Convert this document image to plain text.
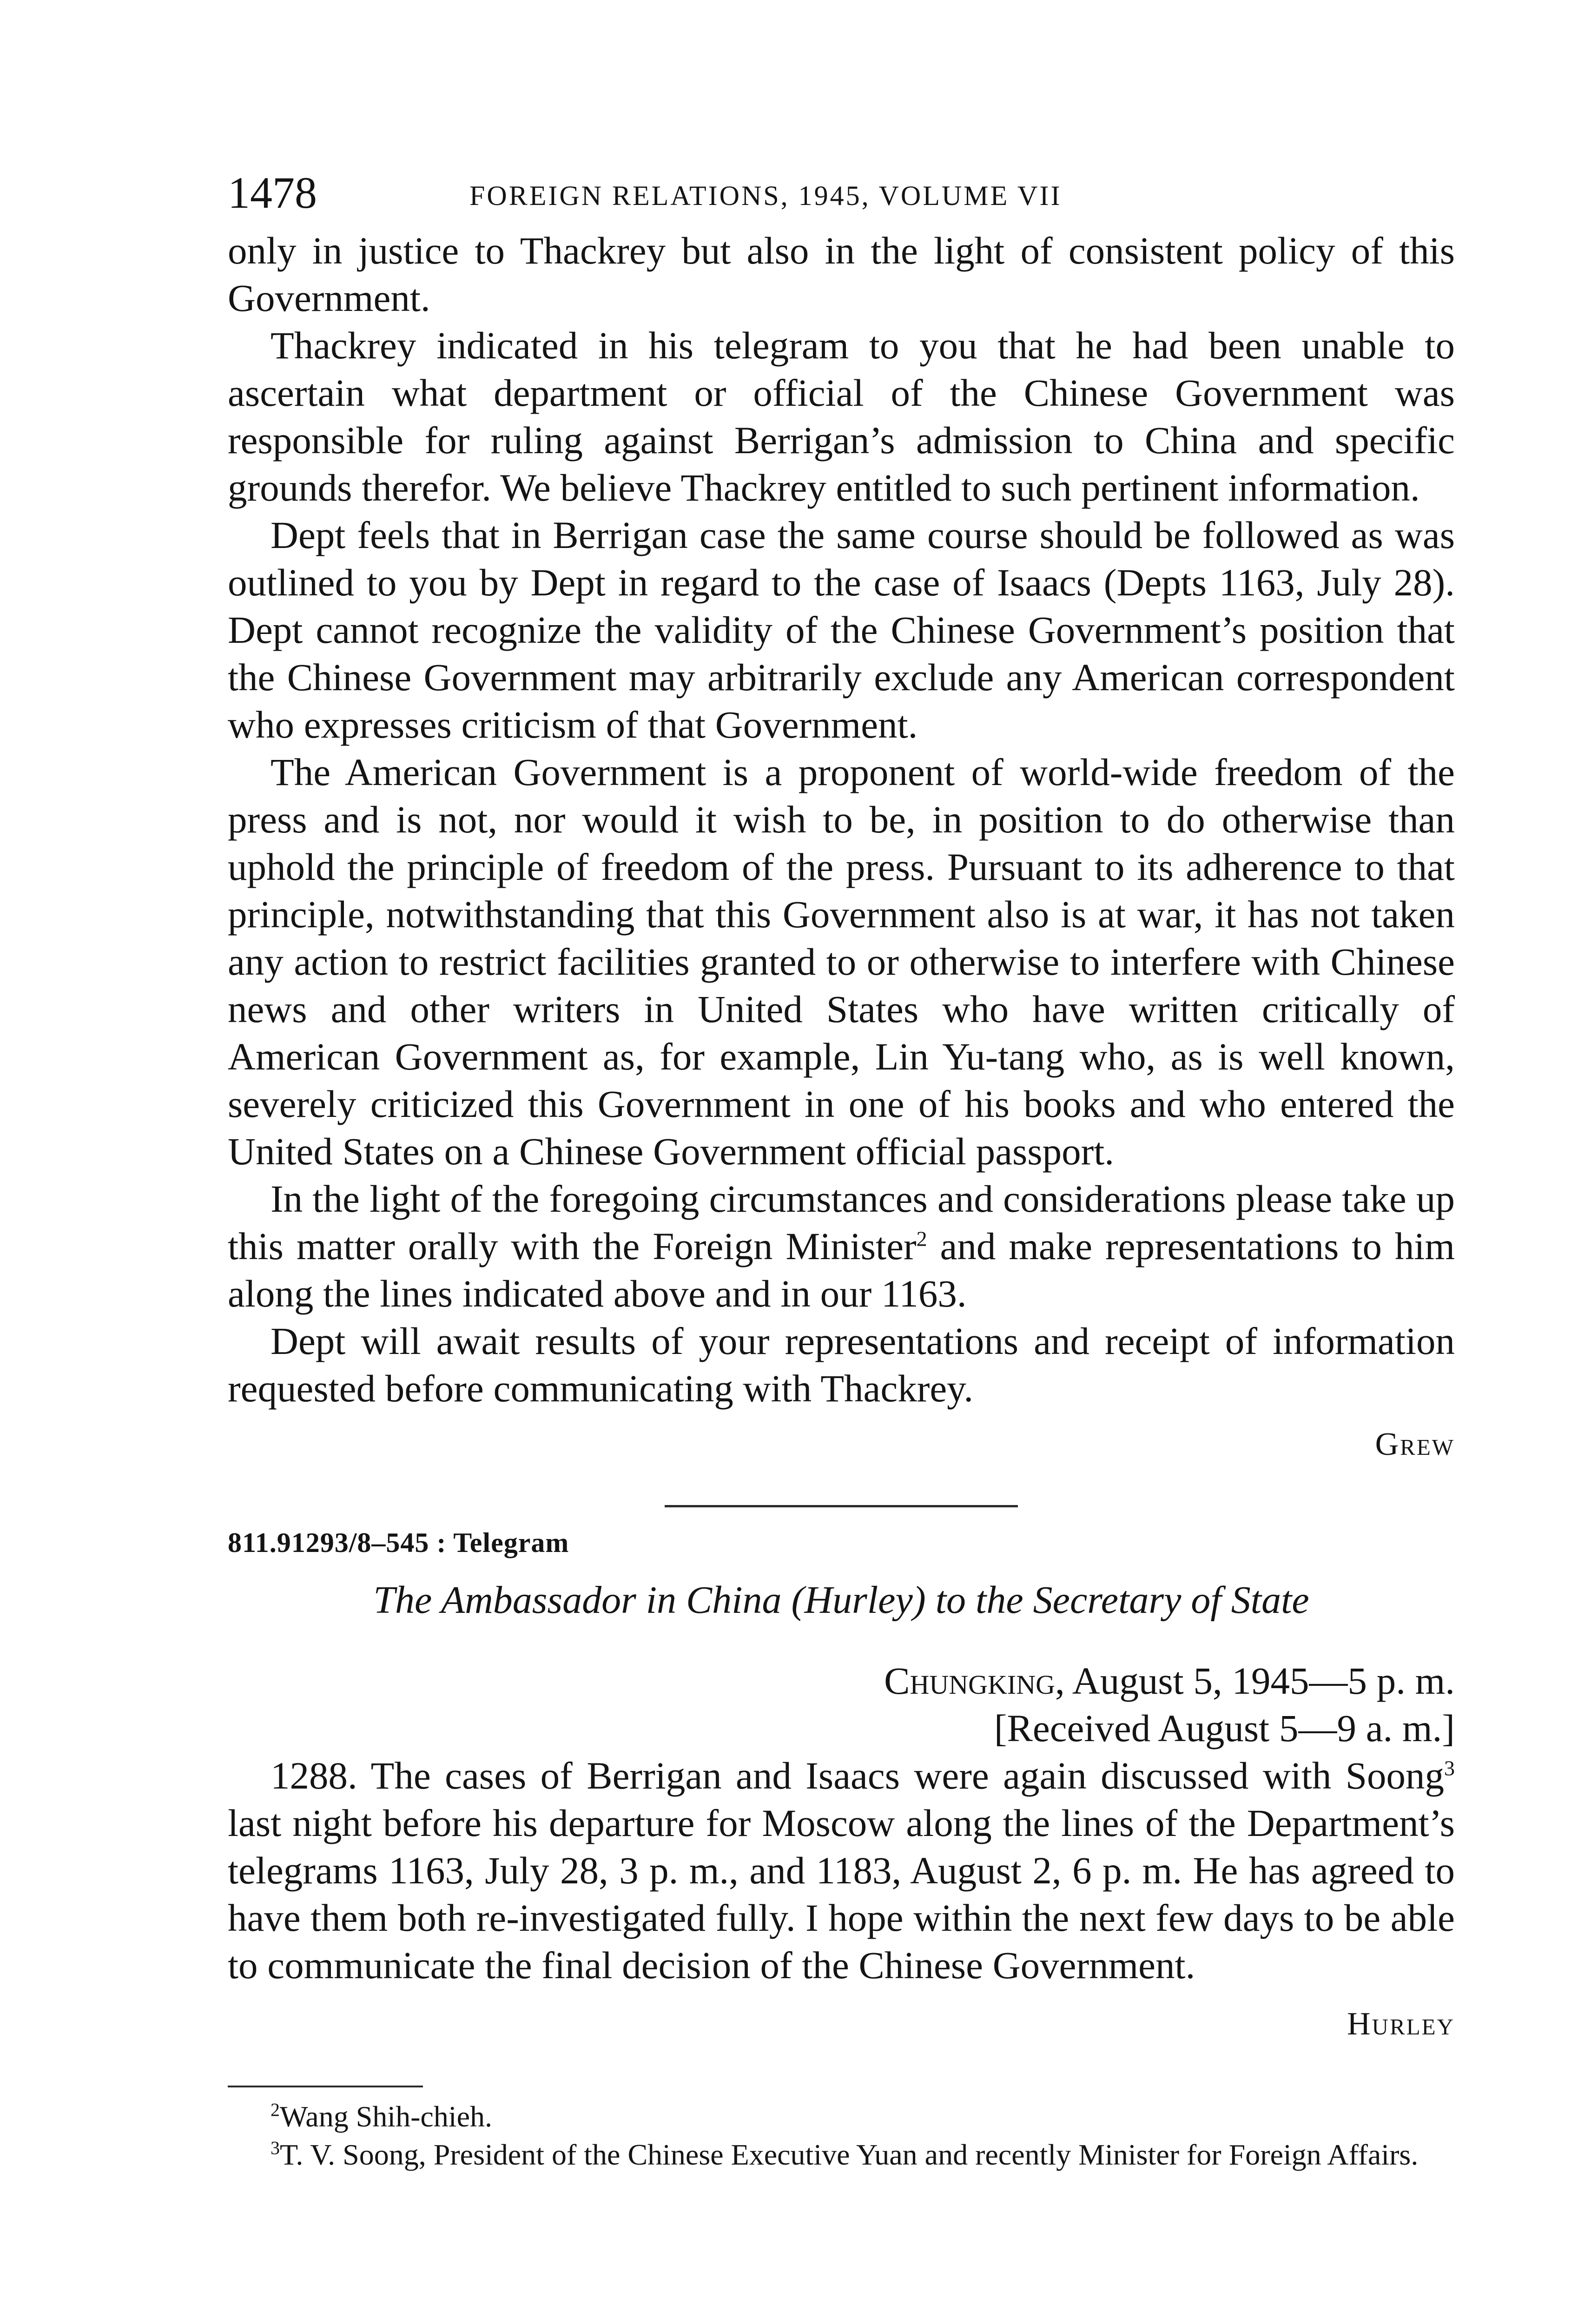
1478	FOREIGN RELATIONS, 1945, VOLUME VII

only in justice to Thackrey but also in the light of consistent policy of this Government.

Thackrey indicated in his telegram to you that he had been unable to ascertain what department or official of the Chinese Government was responsible for ruling against Berrigan’s admission to China and specific grounds therefor. We believe Thackrey entitled to such pertinent information.

Dept feels that in Berrigan case the same course should be followed as was outlined to you by Dept in regard to the case of Isaacs (Depts 1163, July 28). Dept cannot recognize the validity of the Chinese Government’s position that the Chinese Government may arbitrarily exclude any American correspondent who expresses criticism of that Government.

The American Government is a proponent of world-wide freedom of the press and is not, nor would it wish to be, in position to do otherwise than uphold the principle of freedom of the press. Pursuant to its adherence to that principle, notwithstanding that this Government also is at war, it has not taken any action to restrict facilities granted to or otherwise to interfere with Chinese news and other writers in United States who have written critically of American Government as, for example, Lin Yu-tang who, as is well known, severely criticized this Government in one of his books and who entered the United States on a Chinese Government official passport.

In the light of the foregoing circumstances and considerations please take up this matter orally with the Foreign Minister$^2$ and make representations to him along the lines indicated above and in our 1163.

Dept will await results of your representations and receipt of information requested before communicating with Thackrey.

Grew
811.91293/8–545 : Telegram
The Ambassador in China (Hurley) to the Secretary of State
Chungking, August 5, 1945—5 p. m.
[Received August 5—9 a. m.]

1288. The cases of Berrigan and Isaacs were again discussed with Soong$^3$ last night before his departure for Moscow along the lines of the Department’s telegrams 1163, July 28, 3 p. m., and 1183, August 2, 6 p. m. He has agreed to have them both re-investigated fully. I hope within the next few days to be able to communicate the final decision of the Chinese Government.

Hurley

$^2$Wang Shih-chieh.

$^3$T. V. Soong, President of the Chinese Executive Yuan and recently Minister for Foreign Affairs.
